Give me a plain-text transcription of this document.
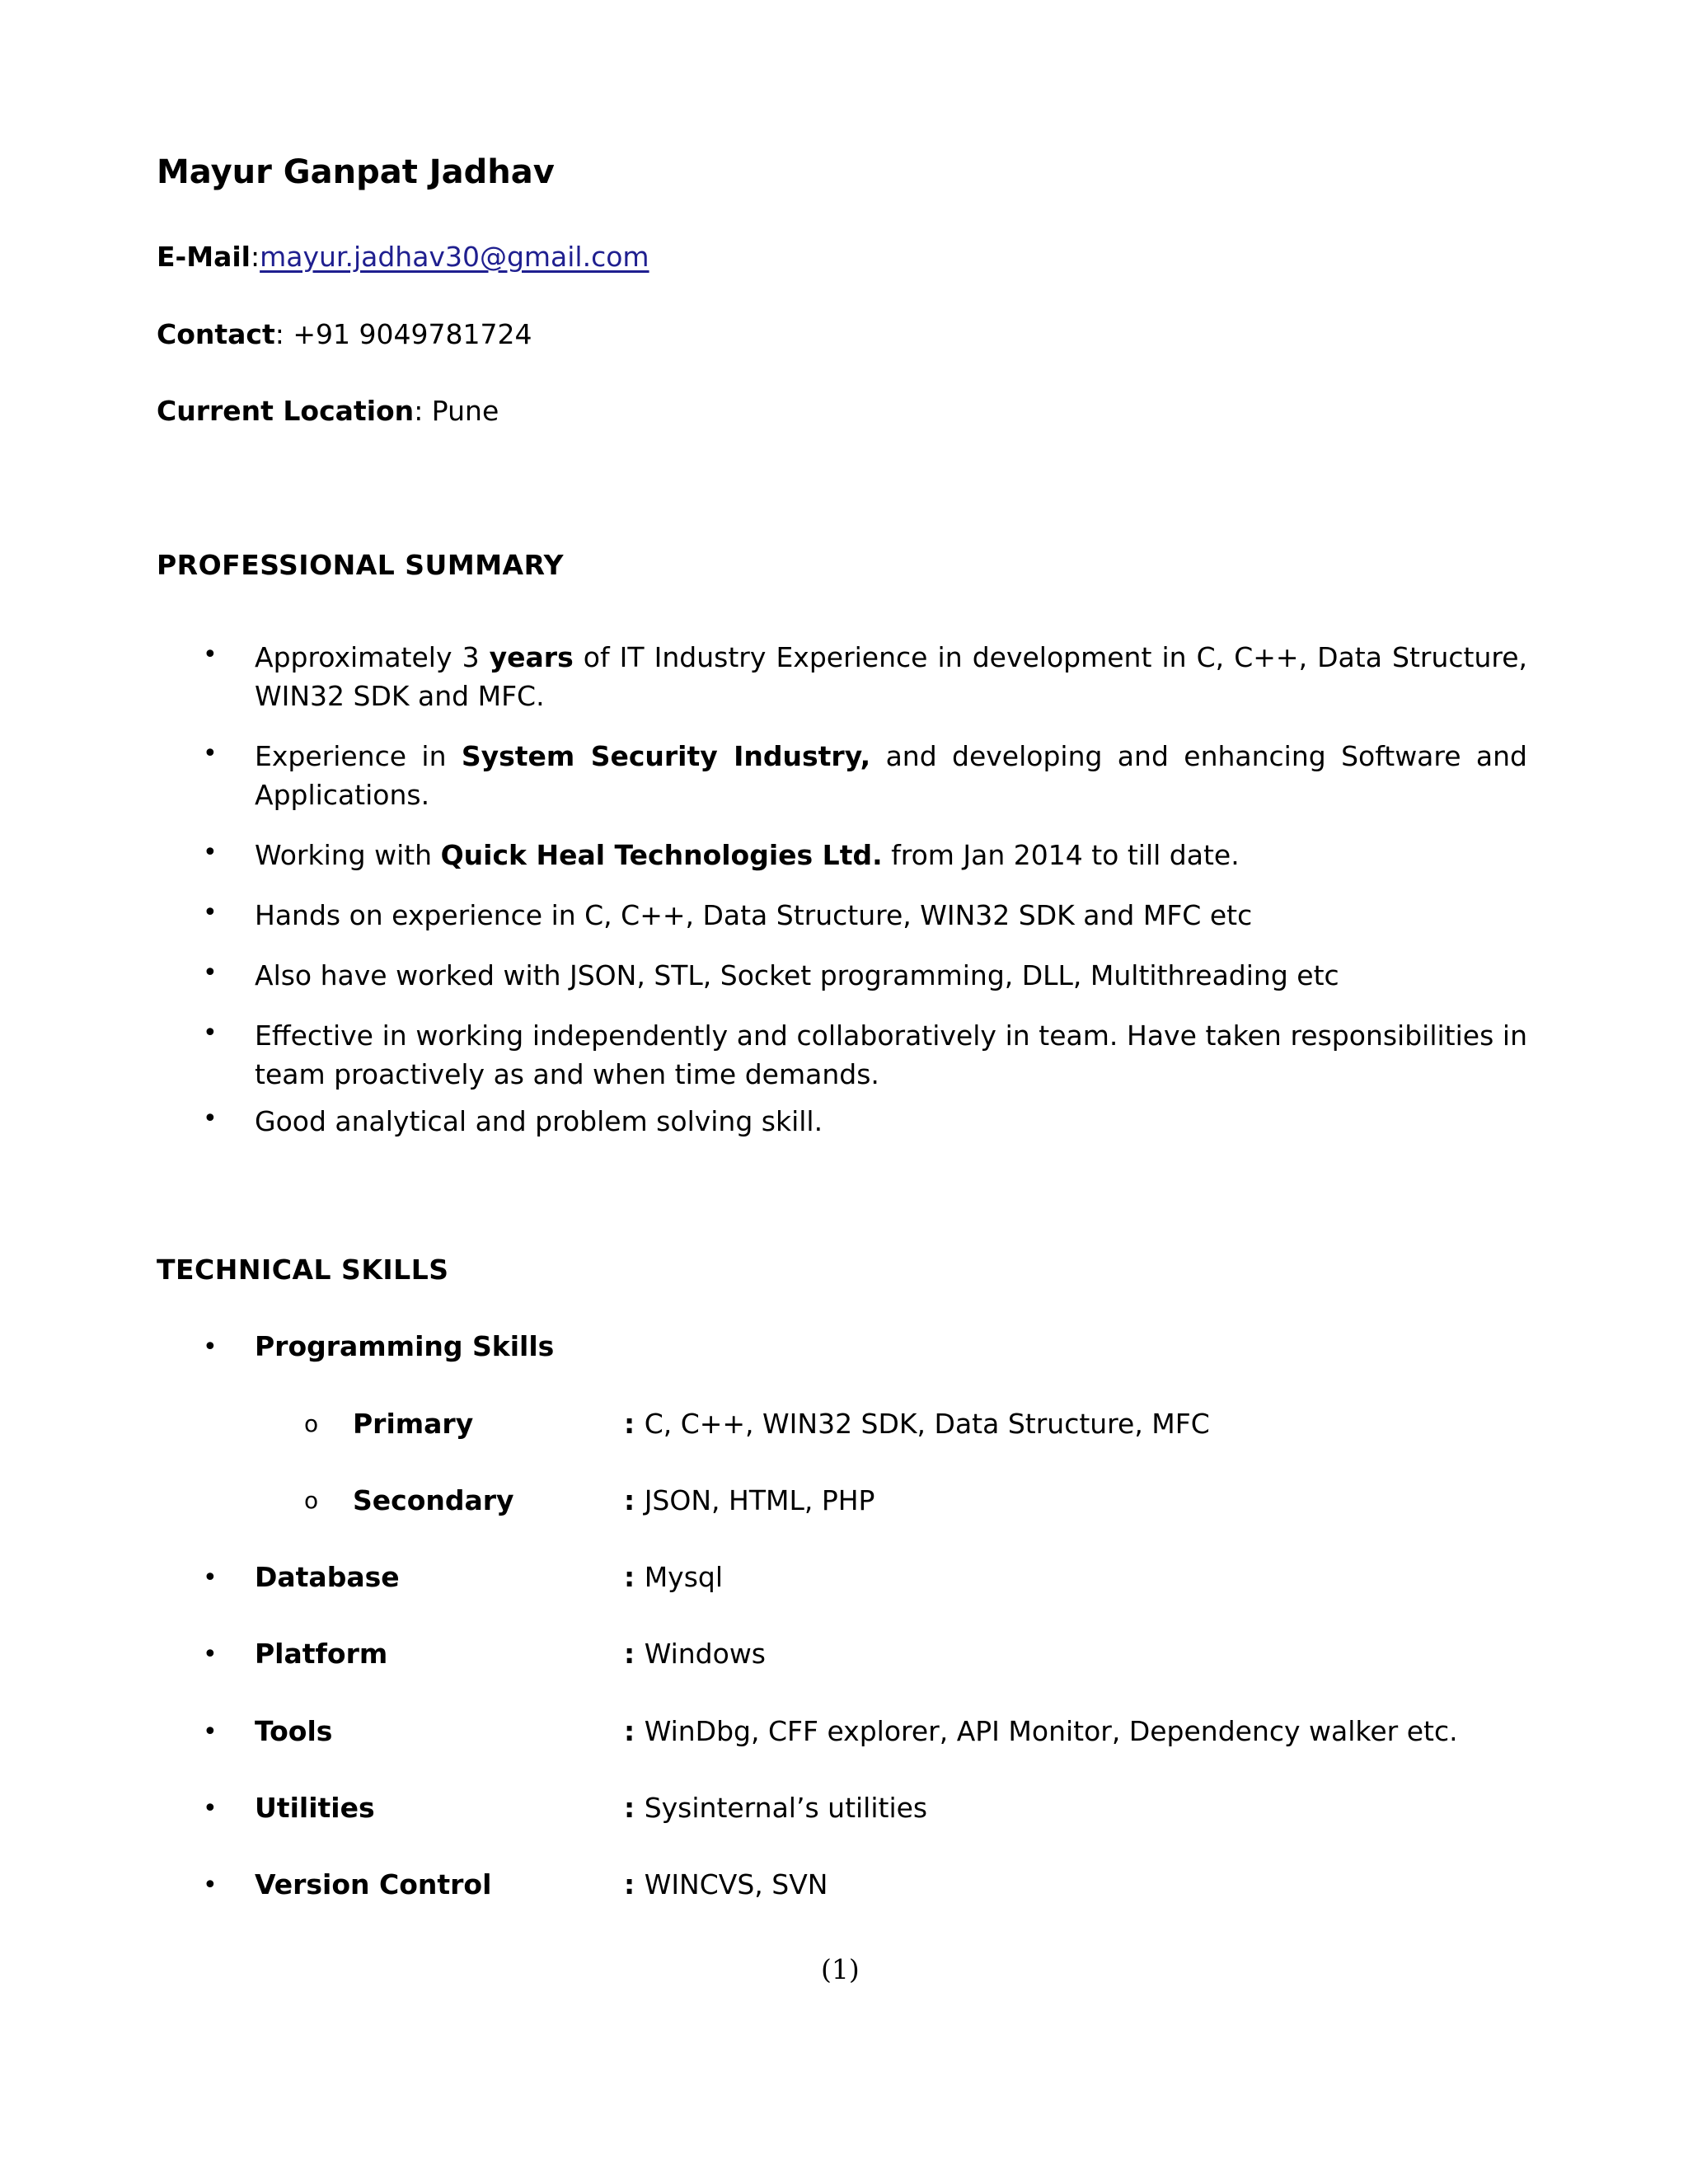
Mayur Ganpat Jadhav
E-Mail:mayur.jadhav30@gmail.com
Contact: +91 9049781724
Current Location: Pune
PROFESSIONAL SUMMARY
• Approximately 3 years of IT Industry Experience in development in C, C++, Data Structure, WIN32 SDK and MFC.
• Experience in System Security Industry, and developing and enhancing Software and Applications.
• Working with Quick Heal Technologies Ltd. from Jan 2014 to till date.
• Hands on experience in C, C++, Data Structure, WIN32 SDK and MFC etc
• Also have worked with JSON, STL, Socket programming, DLL, Multithreading etc
• Effective in working independently and collaboratively in team. Have taken responsibilities in team proactively as and when time demands.
• Good analytical and problem solving skill.
TECHNICAL SKILLS
• Programming Skills
o Primary	: C, C++, WIN32 SDK, Data Structure, MFC
o Secondary	: JSON, HTML, PHP
• Database	: Mysql
• Platform	: Windows
• Tools	: WinDbg, CFF explorer, API Monitor, Dependency walker etc.
• Utilities	: Sysinternal’s utilities
• Version Control	: WINCVS, SVN
(1)
